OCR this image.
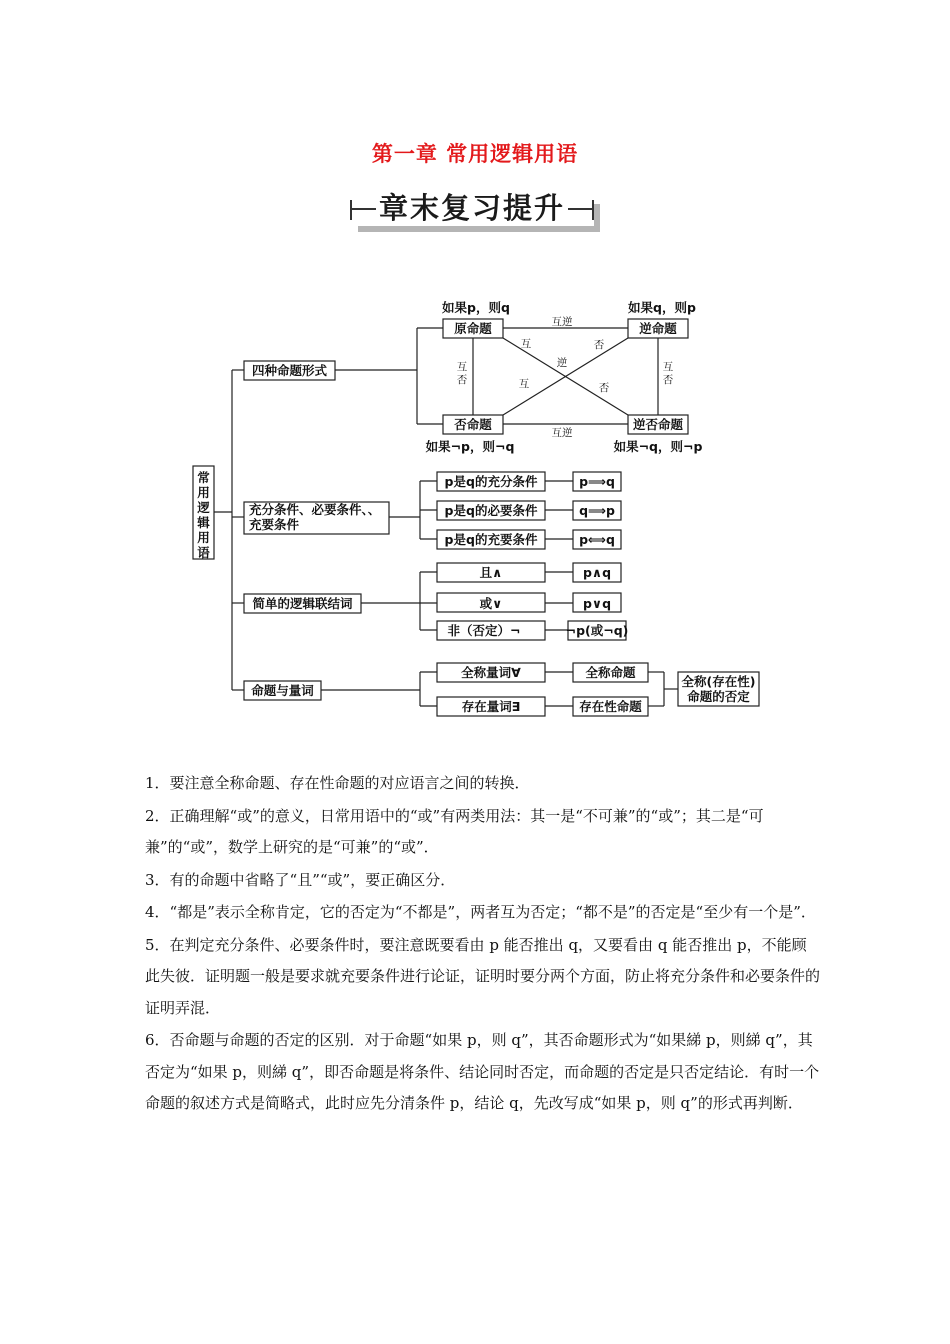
第一章 常用逻辑用语
章末复习提升
常用逻辑用语
四种命题形式
充分条件、必要条件、、
充要条件
简单的逻辑联结词
命题与量词
原命题	逆命题
否命题	逆否命题
如果p，则q	如果q，则p
如果¬p，则¬q	如果¬q，则¬p
互逆
互逆
互否
互否
互	否
逆
互	否
p是q的充分条件
p是q的必要条件
p是q的充要条件
p⟹q
q⟹p
p⟺q
且∧
或∨
非（否定）¬
p∧q
p∨q
¬p(或¬q)
全称量词∀
存在量词∃
全称命题
存在性命题
全称(存在性)
命题的否定

1．要注意全称命题、存在性命题的对应语言之间的转换．

2．正确理解“或”的意义，日常用语中的“或”有两类用法：其一是“不可兼”的“或”；其二是“可兼”的“或”，数学上研究的是“可兼”的“或”．

3．有的命题中省略了“且”“或”，要正确区分．

4．“都是”表示全称肯定，它的否定为“不都是”，两者互为否定；“都不是”的否定是“至少有一个是”．

5．在判定充分条件、必要条件时，要注意既要看由 p 能否推出 q，又要看由 q 能否推出 p，不能顾此失彼．证明题一般是要求就充要条件进行论证，证明时要分两个方面，防止将充分条件和必要条件的证明弄混．

6．否命题与命题的否定的区别．对于命题“如果 p，则 q”，其否命题形式为“如果綈 p，则綈 q”，其否定为“如果 p，则綈 q”，即否命题是将条件、结论同时否定，而命题的否定是只否定结论．有时一个命题的叙述方式是简略式，此时应先分清条件 p，结论 q，先改写成“如果 p，则 q”的形式再判断．
